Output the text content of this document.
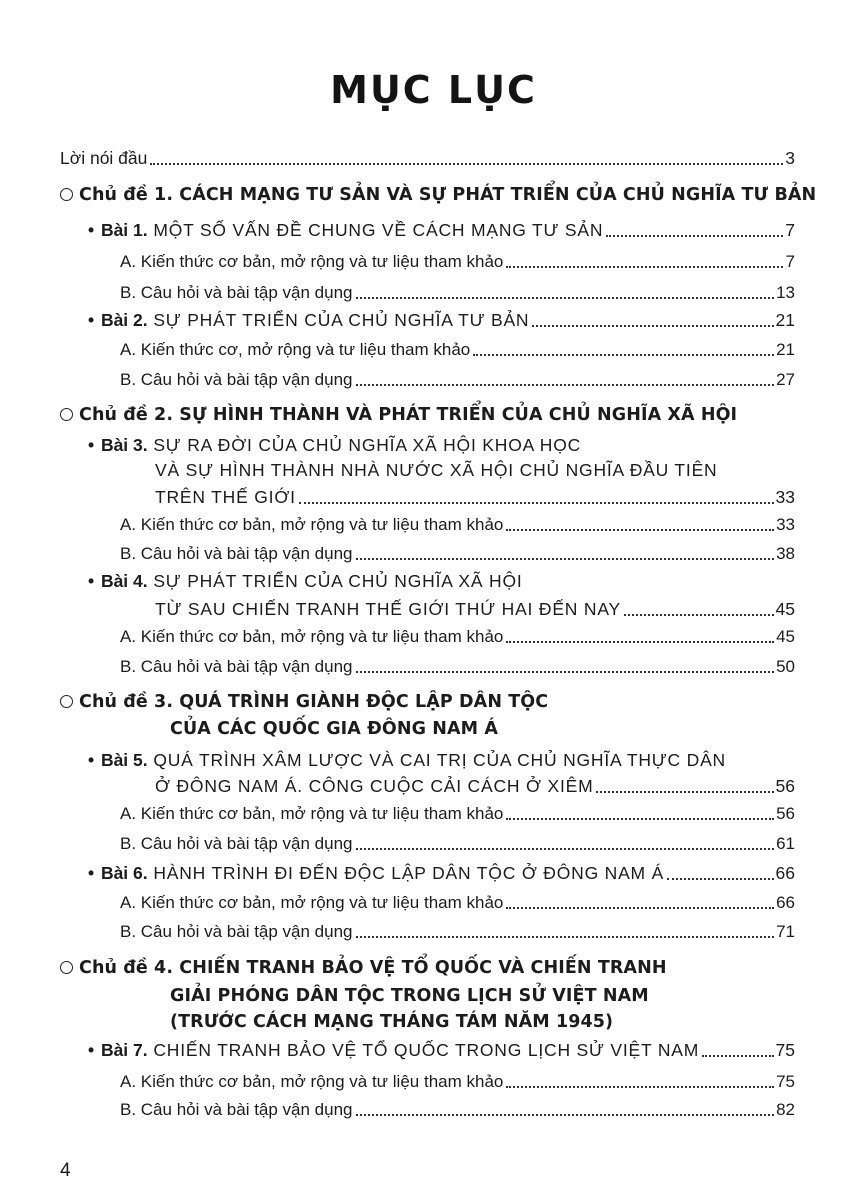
MỤC LỤC
Lời nói đầu	3
Chủ đề 1. CÁCH MẠNG TƯ SẢN VÀ SỰ PHÁT TRIỂN CỦA CHỦ NGHĨA TƯ BẢN
• Bài 1. MỘT SỐ VẤN ĐỀ CHUNG VỀ CÁCH MẠNG TƯ SẢN	7
A. Kiến thức cơ bản, mở rộng và tư liệu tham khảo	7
B. Câu hỏi và bài tập vận dụng	13
• Bài 2. SỰ PHÁT TRIỂN CỦA CHỦ NGHĨA TƯ BẢN	21
A. Kiến thức cơ, mở rộng và tư liệu tham khảo	21
B. Câu hỏi và bài tập vận dụng	27
Chủ đề 2. SỰ HÌNH THÀNH VÀ PHÁT TRIỂN CỦA CHỦ NGHĨA XÃ HỘI
• Bài 3. SỰ RA ĐỜI CỦA CHỦ NGHĨA XÃ HỘI KHOA HỌC
VÀ SỰ HÌNH THÀNH NHÀ NƯỚC XÃ HỘI CHỦ NGHĨA ĐẦU TIÊN
TRÊN THẾ GIỚI	33
A. Kiến thức cơ bản, mở rộng và tư liệu tham khảo	33
B. Câu hỏi và bài tập vận dụng	38
• Bài 4. SỰ PHÁT TRIỂN CỦA CHỦ NGHĨA XÃ HỘI
TỪ SAU CHIẾN TRANH THẾ GIỚI THỨ HAI ĐẾN NAY	45
A. Kiến thức cơ bản, mở rộng và tư liệu tham khảo	45
B. Câu hỏi và bài tập vận dụng	50
Chủ đề 3. QUÁ TRÌNH GIÀNH ĐỘC LẬP DÂN TỘC
CỦA CÁC QUỐC GIA ĐÔNG NAM Á
• Bài 5. QUÁ TRÌNH XÂM LƯỢC VÀ CAI TRỊ CỦA CHỦ NGHĨA THỰC DÂN
Ở ĐÔNG NAM Á. CÔNG CUỘC CẢI CÁCH Ở XIÊM	56
A. Kiến thức cơ bản, mở rộng và tư liệu tham khảo	56
B. Câu hỏi và bài tập vận dụng	61
• Bài 6. HÀNH TRÌNH ĐI ĐẾN ĐỘC LẬP DÂN TỘC Ở ĐÔNG NAM Á	66
A. Kiến thức cơ bản, mở rộng và tư liệu tham khảo	66
B. Câu hỏi và bài tập vận dụng	71
Chủ đề 4. CHIẾN TRANH BẢO VỆ TỔ QUỐC VÀ CHIẾN TRANH
GIẢI PHÓNG DÂN TỘC TRONG LỊCH SỬ VIỆT NAM
(TRƯỚC CÁCH MẠNG THÁNG TÁM NĂM 1945)
• Bài 7. CHIẾN TRANH BẢO VỆ TỔ QUỐC TRONG LỊCH SỬ VIỆT NAM	75
A. Kiến thức cơ bản, mở rộng và tư liệu tham khảo	75
B. Câu hỏi và bài tập vận dụng	82
4
